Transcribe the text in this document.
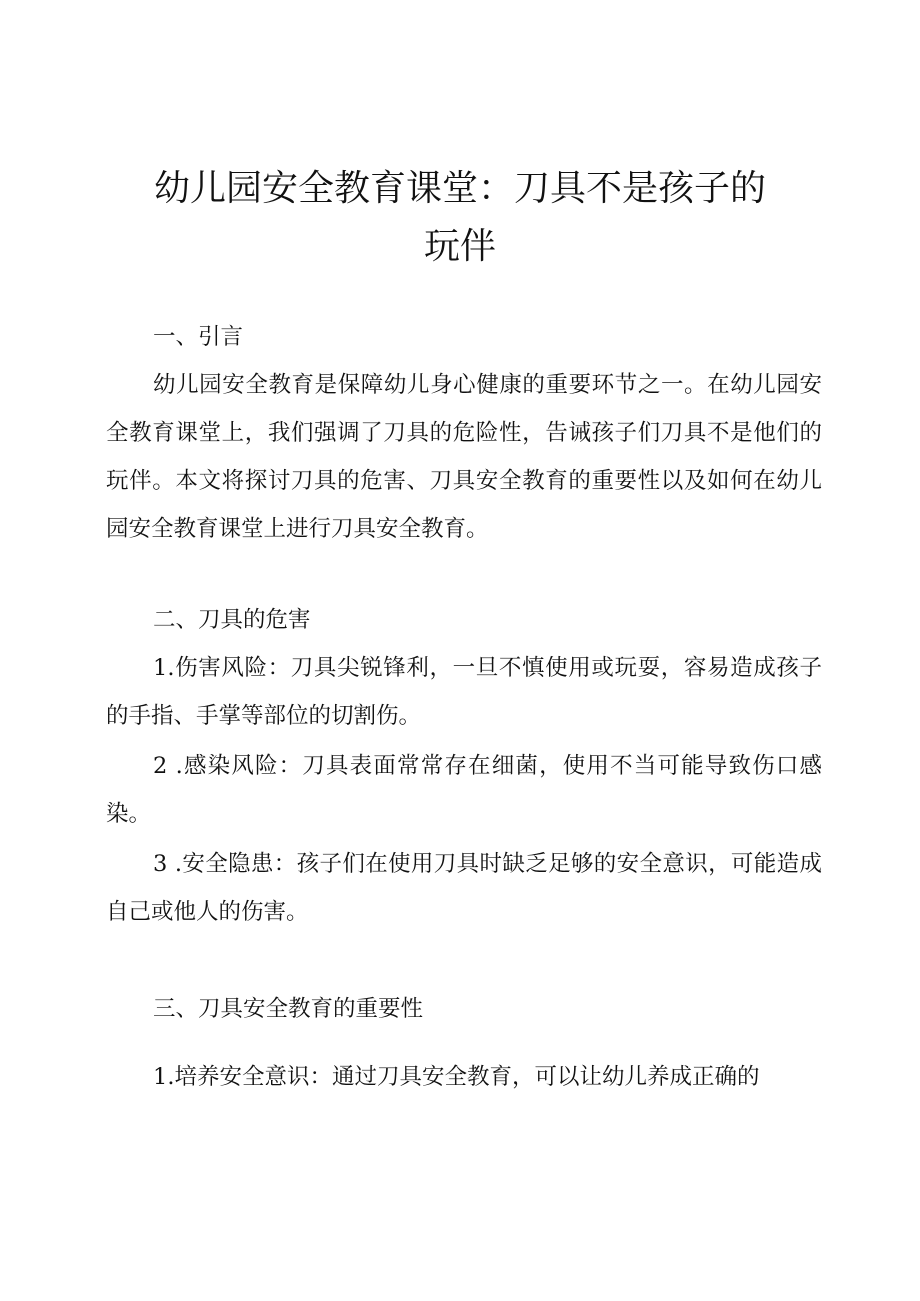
幼儿园安全教育课堂：刀具不是孩子的玩伴

一、引言

幼儿园安全教育是保障幼儿身心健康的重要环节之一。在幼儿园安全教育课堂上，我们强调了刀具的危险性，告诫孩子们刀具不是他们的玩伴。本文将探讨刀具的危害、刀具安全教育的重要性以及如何在幼儿园安全教育课堂上进行刀具安全教育。

二、刀具的危害

1.伤害风险：刀具尖锐锋利，一旦不慎使用或玩耍，容易造成孩子的手指、手掌等部位的切割伤。

2 .感染风险：刀具表面常常存在细菌，使用不当可能导致伤口感染。

3 .安全隐患：孩子们在使用刀具时缺乏足够的安全意识，可能造成自己或他人的伤害。

三、刀具安全教育的重要性

1.培养安全意识：通过刀具安全教育，可以让幼儿养成正确的
